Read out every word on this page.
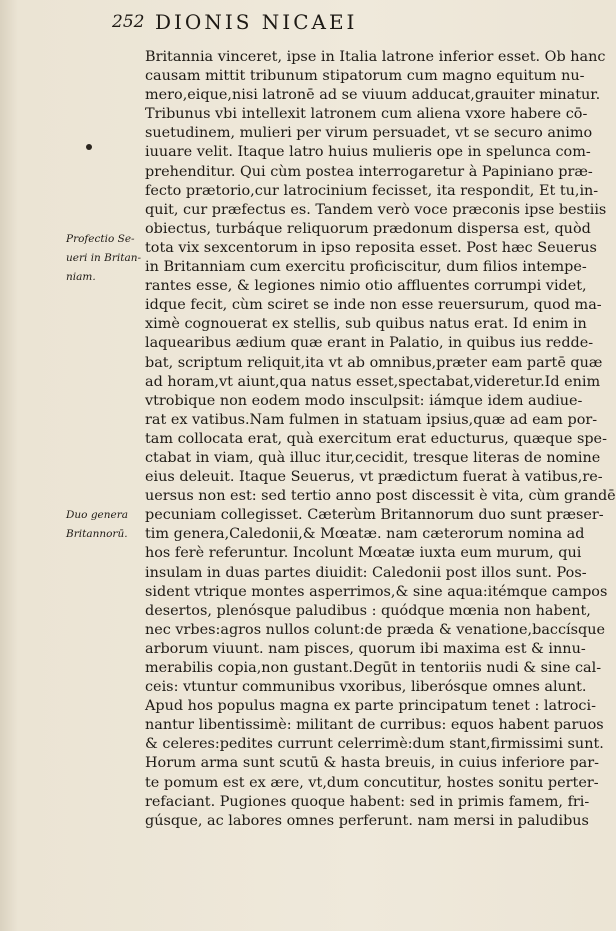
252 DIONIS NICAEI
Profectio Se-
ueri in Britan-
niam.
Duo genera
Britannorū.
Britannia vinceret, ipse in Italia latrone inferior esset. Ob hanc
causam mittit tribunum stipatorum cum magno equitum nu-
mero,eique,nisi latronē ad se viuum adducat,grauiter minatur.
Tribunus vbi intellexit latronem cum aliena vxore habere cō-
suetudinem, mulieri per virum persuadet, vt se securo animo
iuuare velit. Itaque latro huius mulieris ope in spelunca com-
prehenditur. Qui cùm postea interrogaretur à Papiniano præ-
fecto prætorio,cur latrocinium fecisset, ita respondit, Et tu,in-
quit, cur præfectus es. Tandem verò voce præconis ipse bestiis
obiectus, turbáque reliquorum prædonum dispersa est, quòd
tota vix sexcentorum in ipso reposita esset. Post hæc Seuerus
in Britanniam cum exercitu proficiscitur, dum filios intempe-
rantes esse, & legiones nimio otio affluentes corrumpi videt,
idque fecit, cùm sciret se inde non esse reuersurum, quod ma-
ximè cognouerat ex stellis, sub quibus natus erat. Id enim in
laquearibus ædium quæ erant in Palatio, in quibus ius redde-
bat, scriptum reliquit,ita vt ab omnibus,præter eam partē quæ
ad horam,vt aiunt,qua natus esset,spectabat,videretur.Id enim
vtrobique non eodem modo insculpsit: iámque idem audiue-
rat ex vatibus.Nam fulmen in statuam ipsius,quæ ad eam por-
tam collocata erat, quà exercitum erat educturus, quæque spe-
ctabat in viam, quà illuc itur,cecidit, tresque literas de nomine
eius deleuit. Itaque Seuerus, vt prædictum fuerat à vatibus,re-
uersus non est: sed tertio anno post discessit è vita, cùm grandē
pecuniam collegisset. Cæterùm Britannorum duo sunt præser-
tim genera,Caledonii,& Mœatæ. nam cæterorum nomina ad
hos ferè referuntur. Incolunt Mœatæ iuxta eum murum, qui
insulam in duas partes diuidit: Caledonii post illos sunt. Pos-
sident vtrique montes asperrimos,& sine aqua:itémque campos
desertos, plenósque paludibus : quódque mœnia non habent,
nec vrbes:agros nullos colunt:de præda & venatione,baccísque
arborum viuunt. nam pisces, quorum ibi maxima est & innu-
merabilis copia,non gustant.Degūt in tentoriis nudi & sine cal-
ceis: vtuntur communibus vxoribus, liberósque omnes alunt.
Apud hos populus magna ex parte principatum tenet : latroci-
nantur libentissimè: militant de curribus: equos habent paruos
& celeres:pedites currunt celerrimè:dum stant,firmissimi sunt.
Horum arma sunt scutū & hasta breuis, in cuius inferiore par-
te pomum est ex ære, vt,dum concutitur, hostes sonitu perter-
refaciant. Pugiones quoque habent: sed in primis famem, fri-
gúsque, ac labores omnes perferunt. nam mersi in paludibus
